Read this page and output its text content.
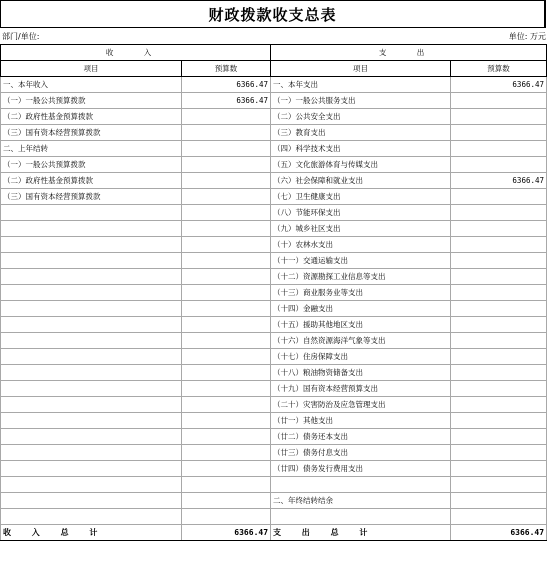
财政拨款收支总表
部门/单位:	单位: 万元
收 入		支 出	
项目	预算数	项目	预算数
一、本年收入	6366.47	一、本年支出	6366.47
（一）一般公共预算拨款	6366.47	（一）一般公共服务支出	
（二）政府性基金预算拨款		（二）公共安全支出	
（三）国有资本经营预算拨款		（三）教育支出	
二、上年结转		（四）科学技术支出	
（一）一般公共预算拨款		（五）文化旅游体育与传媒支出	
（二）政府性基金预算拨款		（六）社会保障和就业支出	6366.47
（三）国有资本经营预算拨款		（七）卫生健康支出	
		（八）节能环保支出	
		（九）城乡社区支出	
		（十）农林水支出	
		（十一）交通运输支出	
		（十二）资源勘探工业信息等支出	
		（十三）商业服务业等支出	
		（十四）金融支出	
		（十五）援助其他地区支出	
		（十六）自然资源海洋气象等支出	
		（十七）住房保障支出	
		（十八）粮油物资储备支出	
		（十九）国有资本经营预算支出	
		（二十）灾害防治及应急管理支出	
		（廿一）其他支出	
		（廿二）债务还本支出	
		（廿三）债务付息支出	
		（廿四）债务发行费用支出	

		二、年终结转结余	

收 入 总 计	6366.47	支 出 总 计	6366.47
